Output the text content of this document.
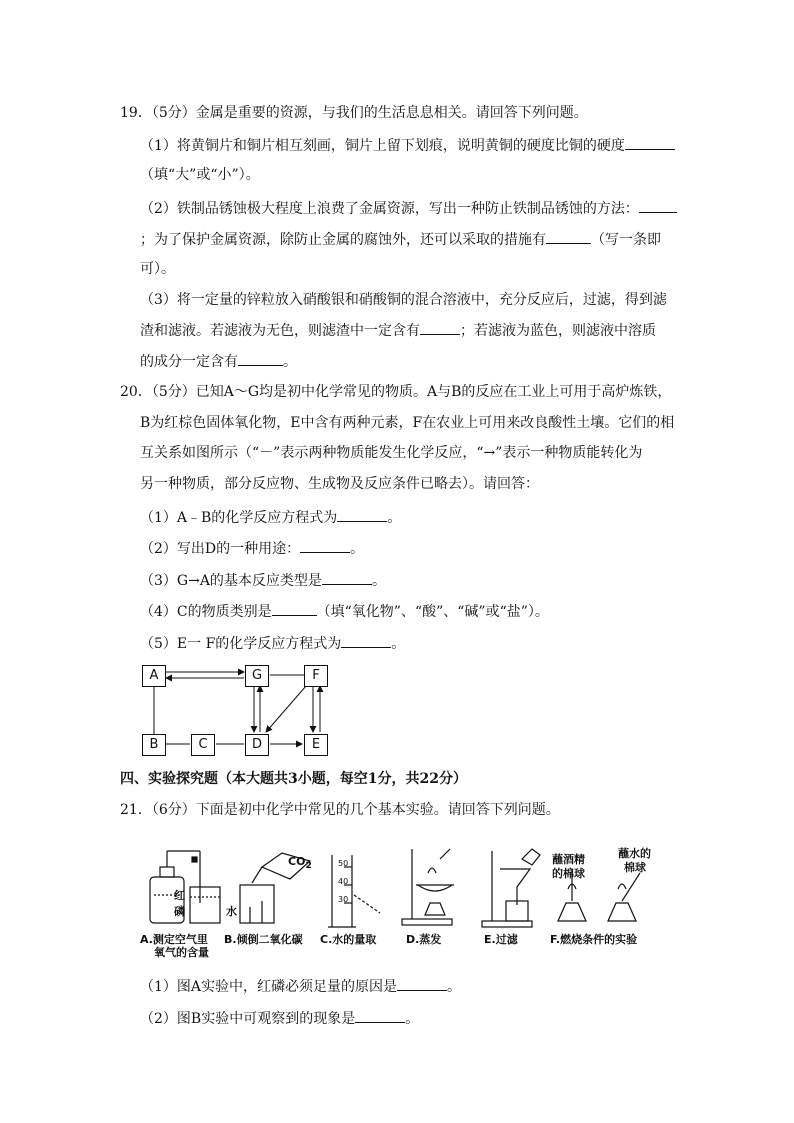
19．（5分）金属是重要的资源，与我们的生活息息相关。请回答下列问题。
（1）将黄铜片和铜片相互刻画，铜片上留下划痕，说明黄铜的硬度比铜的硬度
（填“大”或“小”）。
（2）铁制品锈蚀极大程度上浪费了金属资源，写出一种防止铁制品锈蚀的方法：
；为了保护金属资源，除防止金属的腐蚀外，还可以采取的措施有	（写一条即
可）。
（3）将一定量的锌粒放入硝酸银和硝酸铜的混合溶液中，充分反应后，过滤，得到滤
渣和滤液。若滤液为无色，则滤渣中一定含有	；若滤液为蓝色，则滤液中溶质
的成分一定含有	。
20．（5分）已知A～G均是初中化学常见的物质。A与B的反应在工业上可用于高炉炼铁，
B为红棕色固体氧化物，E中含有两种元素，F在农业上可用来改良酸性土壤。它们的相
互关系如图所示（“－”表示两种物质能发生化学反应，“→”表示一种物质能转化为
另一种物质，部分反应物、生成物及反应条件已略去）。请回答：
（1）A﹣B的化学反应方程式为	。
（2）写出D的一种用途：	。
（3）G→A的基本反应类型是	。
（4）C的物质类别是	（填“氧化物”、“酸”、“碱”或“盐”）。
（5）E一 F的化学反应方程式为	。
A	G	F
B	C	D	E
四、实验探究题（本大题共3小题，每空1分，共22分）
21．（6分）下面是初中化学中常见的几个基本实验。请回答下列问题。
红
磷	水
$CO_2$	50
40
30
蘸酒精
的棉球
蘸水的
棉球
A.测定空气里
氧气的含量
B.倾倒二氧化碳 C.水的量取	D.蒸发	E.过滤	F.燃烧条件的实验
（1）图A实验中，红磷必须足量的原因是	。
（2）图B实验中可观察到的现象是	。
